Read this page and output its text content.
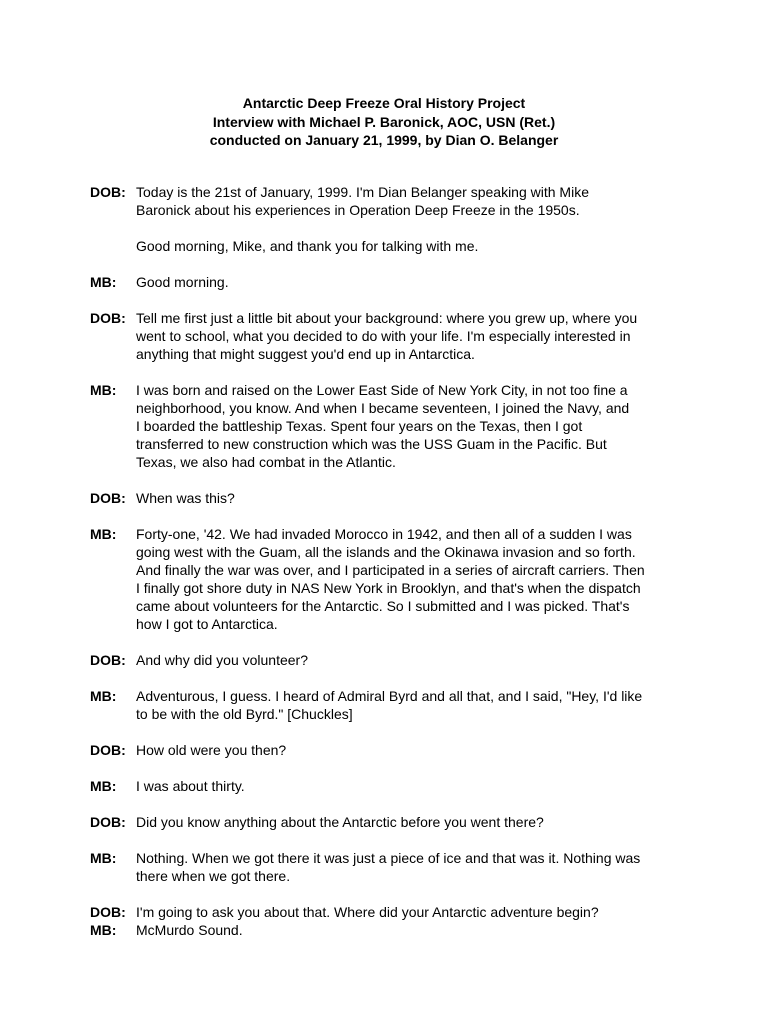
Antarctic Deep Freeze Oral History Project
Interview with Michael P. Baronick, AOC, USN (Ret.)
conducted on January 21, 1999, by Dian O. Belanger
DOB: Today is the 21st of January, 1999. I'm Dian Belanger speaking with Mike
Baronick about his experiences in Operation Deep Freeze in the 1950s.
Good morning, Mike, and thank you for talking with me.
MB:	Good morning.
DOB: Tell me first just a little bit about your background: where you grew up, where you
went to school, what you decided to do with your life. I'm especially interested in
anything that might suggest you'd end up in Antarctica.
MB:	I was born and raised on the Lower East Side of New York City, in not too fine a
neighborhood, you know. And when I became seventeen, I joined the Navy, and
I boarded the battleship Texas. Spent four years on the Texas, then I got
transferred to new construction which was the USS Guam in the Pacific. But
Texas, we also had combat in the Atlantic.
DOB: When was this?
MB:	Forty-one, '42. We had invaded Morocco in 1942, and then all of a sudden I was
going west with the Guam, all the islands and the Okinawa invasion and so forth.
And finally the war was over, and I participated in a series of aircraft carriers. Then
I finally got shore duty in NAS New York in Brooklyn, and that's when the dispatch
came about volunteers for the Antarctic. So I submitted and I was picked. That's
how I got to Antarctica.
DOB: And why did you volunteer?
MB:	Adventurous, I guess. I heard of Admiral Byrd and all that, and I said, "Hey, I'd like
to be with the old Byrd." [Chuckles]
DOB: How old were you then?
MB:	I was about thirty.
DOB: Did you know anything about the Antarctic before you went there?
MB:	Nothing. When we got there it was just a piece of ice and that was it. Nothing was
there when we got there.
DOB: I'm going to ask you about that. Where did your Antarctic adventure begin?
MB:	McMurdo Sound.
